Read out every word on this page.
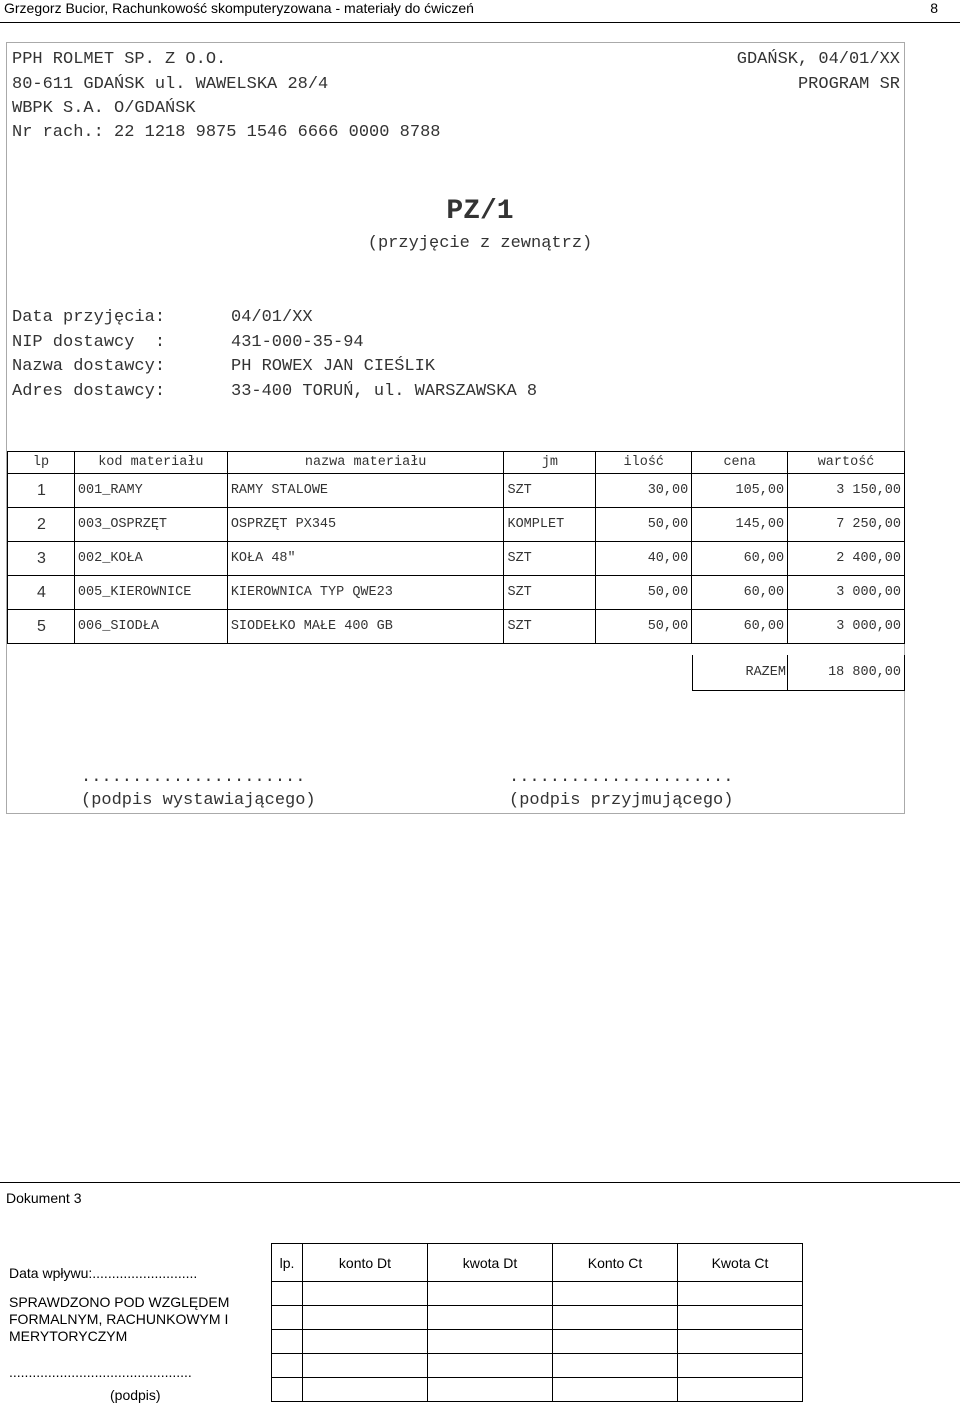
Grzegorz Bucior, Rachunkowość skomputeryzowana - materiały do ćwiczeń	8
PPH ROLMET SP. Z O.O.
80-611 GDAŃSK ul. WAWELSKA 28/4
WBPK S.A. O/GDAŃSK
Nr rach.: 22 1218 9875 1546 6666 0000 8788
GDAŃSK, 04/01/XX
PROGRAM SR
PZ/1
(przyjęcie z zewnątrz)
Data przyjęcia:	04/01/XX
NIP dostawcy  :	431-000-35-94
Nazwa dostawcy:	PH ROWEX JAN CIEŚLIK
Adres dostawcy:	33-400 TORUŃ, ul. WARSZAWSKA 8
lp	kod materiału	nazwa materiału	jm	ilość	cena	wartość
1	001_RAMY	RAMY STALOWE	SZT	30,00	105,00	3 150,00
2	003_OSPRZĘT	OSPRZĘT PX345	KOMPLET	50,00	145,00	7 250,00
3	002_KOŁA	KOŁA 48"	SZT	40,00	60,00	2 400,00
4	005_KIEROWNICE	KIEROWNICA TYP QWE23	SZT	50,00	60,00	3 000,00
5	006_SIODŁA	SIODEŁKO MAŁE 400 GB	SZT	50,00	60,00	3 000,00
RAZEM	18 800,00
......................
(podpis wystawiającego)
......................
(podpis przyjmującego)
Dokument 3
Data wpływu:...........................
SPRAWDZONO POD WZGLĘDEM
FORMALNYM, RACHUNKOWYM I
MERYTORYCZYM
...............................................
(podpis)
lp.	konto Dt	kwota Dt	Konto Ct	Kwota Ct
